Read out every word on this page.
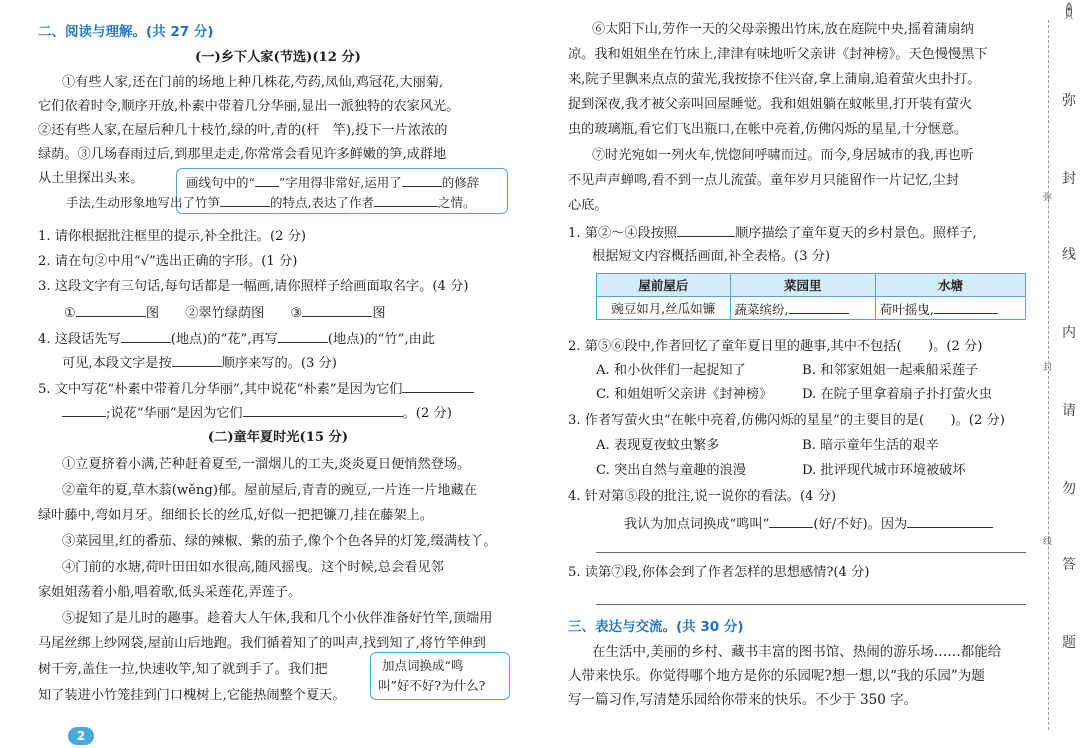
二、阅读与理解。(共 27 分)
(一)乡下人家(节选)(12 分)
①有些人家,还在门前的场地上种几株花,芍药,凤仙,鸡冠花,大丽菊,
它们依着时令,顺序开放,朴素中带着几分华丽,显出一派独特的农家风光。
②还有些人家,在屋后种几十枝竹,绿的叶,青的(杆　竿),投下一片浓浓的
绿荫。③几场春雨过后,到那里走走,你常常会看见许多鲜嫩的笋,成群地
从土里探出头来。	画线句中的“ ”字用得非常好,运用了	的修辞
手法,生动形象地写出了竹笋	的特点,表达了作者	之情。
1. 请你根据批注框里的提示,补全批注。(2 分)
2. 请在句②中用“√”选出正确的字形。(1 分)
3. 这段文字有三句话,每句话都是一幅画,请你照样子给画面取名字。(4 分)
①	图 ②翠竹绿荫图 ③	图
4. 这段话先写	(地点)的“花”,再写	(地点)的“竹”,由此
可见,本段文字是按	顺序来写的。(3 分)
5. 文中写花“朴素中带着几分华丽”,其中说花“朴素”是因为它们
;说花“华丽”是因为它们	。(2 分)
(二)童年夏时光(15 分)
①立夏挤着小满,芒种赶着夏至,一溜烟儿的工夫,炎炎夏日便悄然登场。
②童年的夏,草木蓊(wěng)郁。屋前屋后,青青的豌豆,一片连一片地藏在
绿叶藤中,弯如月牙。细细长长的丝瓜,好似一把把镰刀,挂在藤架上。
③菜园里,红的番茄、绿的辣椒、紫的茄子,像个个色各异的灯笼,缀满枝丫。
④门前的水塘,荷叶田田如水很高,随风摇曳。这个时候,总会看见邻
家姐姐荡着小船,唱着歌,低头采莲花,弄莲子。
⑤捉知了是儿时的趣事。趁着大人午休,我和几个小伙伴准备好竹竿,顶端用
马尾丝绑上纱网袋,屋前山后地跑。我们循着知了的叫声,找到知了,将竹竿伸到
树干旁,盖住一拉,快速收竿,知了就到手了。我们把
知了装进小竹笼挂到门口槐树上,它能热闹整个夏天。
加点词换成“鸣
叫”好不好?为什么?
⑥太阳下山,劳作一天的父母亲搬出竹床,放在庭院中央,摇着蒲扇纳
凉。我和姐姐坐在竹床上,津津有味地听父亲讲《封神榜》。天色慢慢黑下
来,院子里飘来点点的萤光,我按捺不住兴奋,拿上蒲扇,追着萤火虫扑打。
捉到深夜,我才被父亲叫回屋睡觉。我和姐姐躺在蚊帐里,打开装有萤火
虫的玻璃瓶,看它们飞出瓶口,在帐中亮着,仿佛闪烁的星星,十分惬意。
⑦时光宛如一列火车,恍惚间呼啸而过。而今,身居城市的我,再也听
不见声声蝉鸣,看不到一点儿流萤。童年岁月只能留作一片记忆,尘封
心底。
1. 第②～④段按照	顺序描绘了童年夏天的乡村景色。照样子,
根据短文内容概括画面,补全表格。(3 分)
屋前屋后	菜园里	水塘
豌豆如月,丝瓜如镰	蔬菜缤纷,	荷叶摇曳,
2. 第⑤⑥段中,作者回忆了童年夏日里的趣事,其中不包括(　　)。(2 分)
A. 和小伙伴们一起捉知了	B. 和邻家姐姐一起乘船采莲子
C. 和姐姐听父亲讲《封神榜》 D. 在院子里拿着扇子扑打萤火虫
3. 作者写萤火虫“在帐中亮着,仿佛闪烁的星星”的主要目的是(　　)。(2 分)
A. 表现夏夜蚊虫繁多	B. 暗示童年生活的艰辛
C. 突出自然与童趣的浪漫	D. 批评现代城市环境被破坏
4. 针对第⑤段的批注,说一说你的看法。(4 分)
我认为加点词换成“鸣叫”	(好/不好)。因为
5. 读第⑦段,你体会到了作者怎样的思想感情?(4 分)
三、表达与交流。(共 30 分)
在生活中,美丽的乡村、藏书丰富的图书馆、热闹的游乐场……都能给
人带来快乐。你觉得哪个地方是你的乐园呢?想一想,以“我的乐园”为题
写一篇习作,写清楚乐园给你带来的快乐。不少于 350 字。
弥
封
线
内
请
勿
答
题
弥
封
线
2
